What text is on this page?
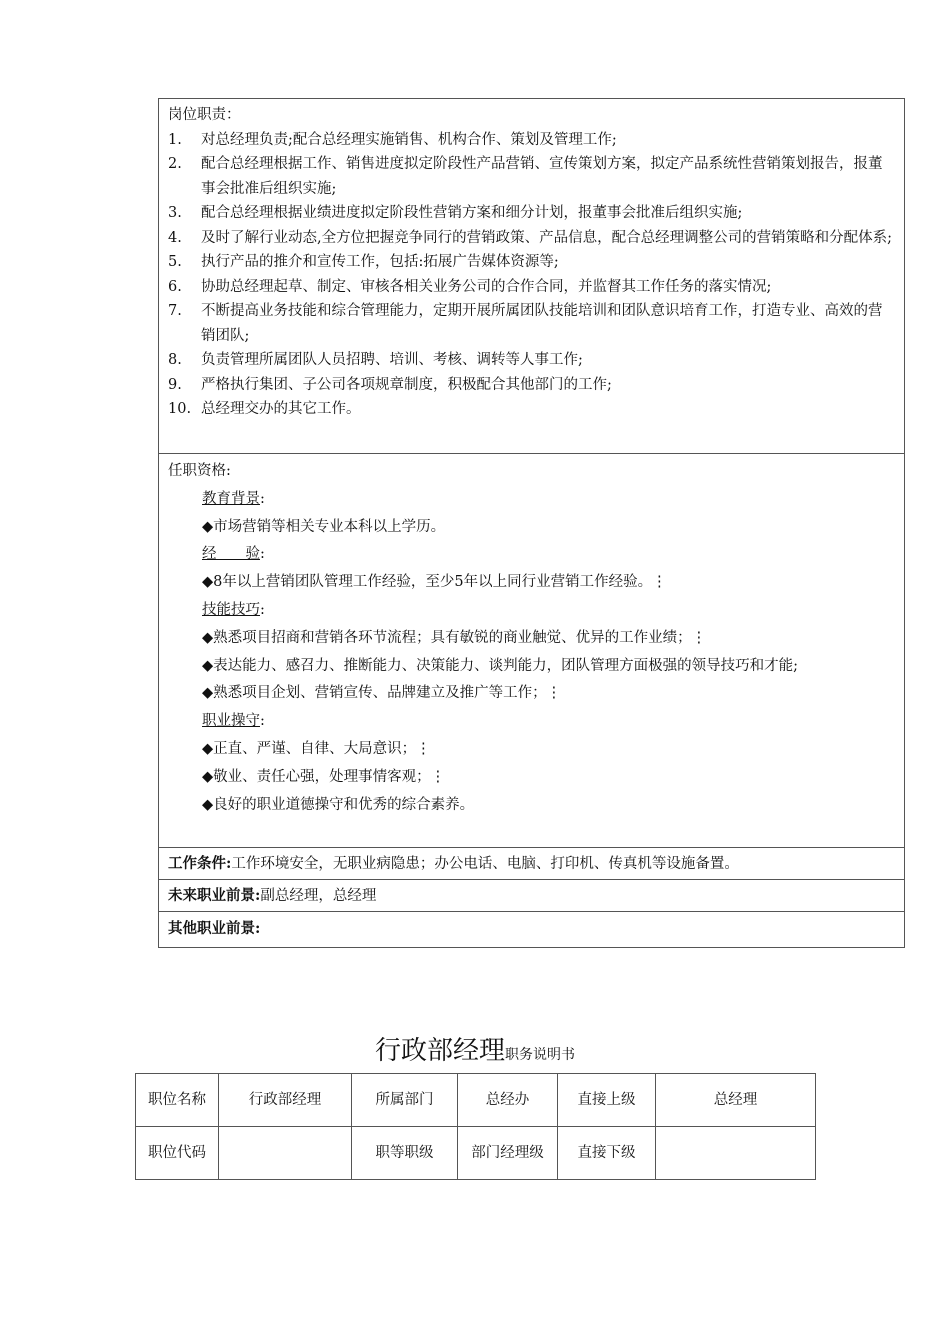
岗位职责：
1.	对总经理负责;配合总经理实施销售、机构合作、策划及管理工作;
2.	配合总经理根据工作、销售进度拟定阶段性产品营销、宣传策划方案，拟定产品系统性营销策划报告，报董事会批准后组织实施;
3.	配合总经理根据业绩进度拟定阶段性营销方案和细分计划，报董事会批准后组织实施;
4.	及时了解行业动态,全方位把握竞争同行的营销政策、产品信息，配合总经理调整公司的营销策略和分配体系;
5.	执行产品的推介和宣传工作，包括:拓展广告媒体资源等;
6.	协助总经理起草、制定、审核各相关业务公司的合作合同，并监督其工作任务的落实情况;
7.	不断提高业务技能和综合管理能力，定期开展所属团队技能培训和团队意识培育工作，打造专业、高效的营销团队;
8.	负责管理所属团队人员招聘、培训、考核、调转等人事工作;
9.	严格执行集团、子公司各项规章制度，积极配合其他部门的工作;
10. 总经理交办的其它工作。
任职资格:
教育背景:
◆市场营销等相关专业本科以上学历。
经　　验:
◆8年以上营销团队管理工作经验，至少5年以上同行业营销工作经验。⋮
技能技巧:
◆熟悉项目招商和营销各环节流程；具有敏锐的商业触觉、优异的工作业绩；⋮
◆表达能力、感召力、推断能力、决策能力、谈判能力，团队管理方面极强的领导技巧和才能;
◆熟悉项目企划、营销宣传、品牌建立及推广等工作；⋮
职业操守:
◆正直、严谨、自律、大局意识；⋮
◆敬业、责任心强，处理事情客观；⋮
◆良好的职业道德操守和优秀的综合素养。
工作条件:工作环境安全，无职业病隐患；办公电话、电脑、打印机、传真机等设施备置。
未来职业前景:副总经理，总经理
其他职业前景:
行政部经理职务说明书
职位名称	行政部经理	所属部门	总经办	直接上级	总经理
职位代码		职等职级	部门经理级	直接下级	
